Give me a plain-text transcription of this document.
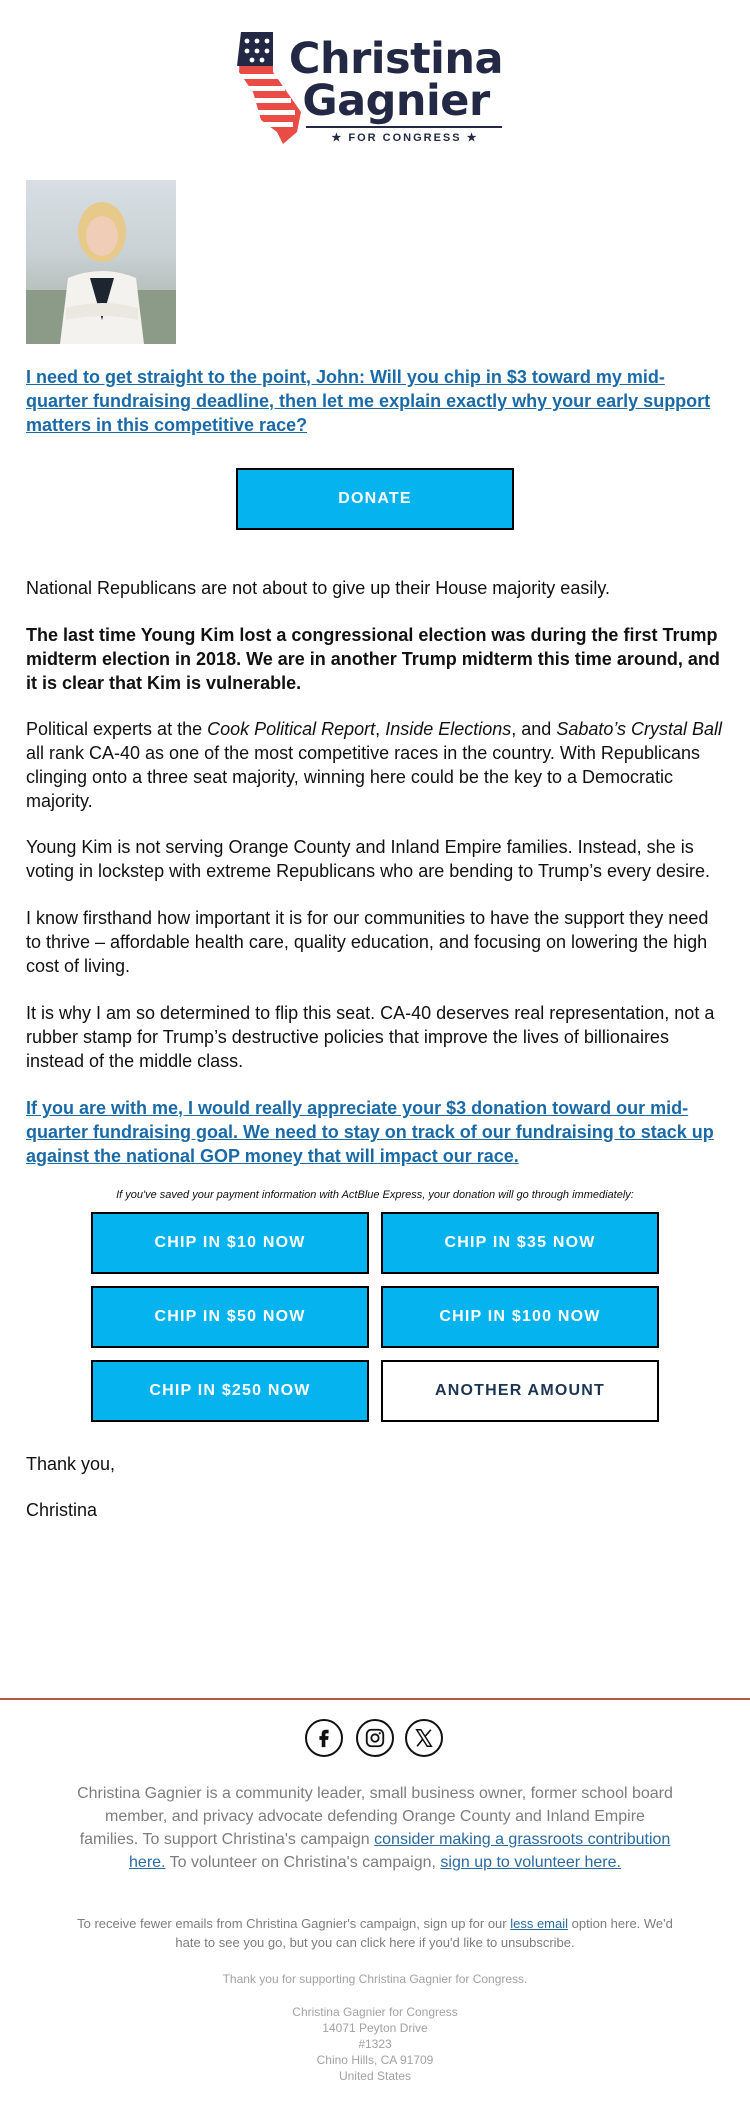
Christina
Gagnier
★ FOR CONGRESS ★
I need to get straight to the point, John: Will you chip in $3 toward my mid-quarter fundraising deadline, then let me explain exactly why your early support matters in this competitive race?
DONATE

National Republicans are not about to give up their House majority easily.

The last time Young Kim lost a congressional election was during the first Trump midterm election in 2018. We are in another Trump midterm this time around, and it is clear that Kim is vulnerable.

Political experts at the Cook Political Report, Inside Elections, and Sabato’s Crystal Ball all rank CA-40 as one of the most competitive races in the country. With Republicans clinging onto a three seat majority, winning here could be the key to a Democratic majority.

Young Kim is not serving Orange County and Inland Empire families. Instead, she is voting in lockstep with extreme Republicans who are bending to Trump’s every desire.

I know firsthand how important it is for our communities to have the support they need to thrive – affordable health care, quality education, and focusing on lowering the high cost of living.

It is why I am so determined to flip this seat. CA-40 deserves real representation, not a rubber stamp for Trump’s destructive policies that improve the lives of billionaires instead of the middle class.

If you are with me, I would really appreciate your $3 donation toward our mid-quarter fundraising goal. We need to stay on track of our fundraising to stack up against the national GOP money that will impact our race.
If you've saved your payment information with ActBlue Express, your donation will go through immediately:
CHIP IN $10 NOW	CHIP IN $35 NOW
CHIP IN $50 NOW	CHIP IN $100 NOW
CHIP IN $250 NOW	ANOTHER AMOUNT

Thank you,

Christina

Christina Gagnier is a community leader, small business owner, former school board member, and privacy advocate defending Orange County and Inland Empire families. To support Christina's campaign consider making a grassroots contribution here. To volunteer on Christina's campaign, sign up to volunteer here.

To receive fewer emails from Christina Gagnier's campaign, sign up for our less email option here. We'd hate to see you go, but you can click here if you'd like to unsubscribe.

Thank you for supporting Christina Gagnier for Congress.

Christina Gagnier for Congress
14071 Peyton Drive
#1323
Chino Hills, CA 91709
United States
